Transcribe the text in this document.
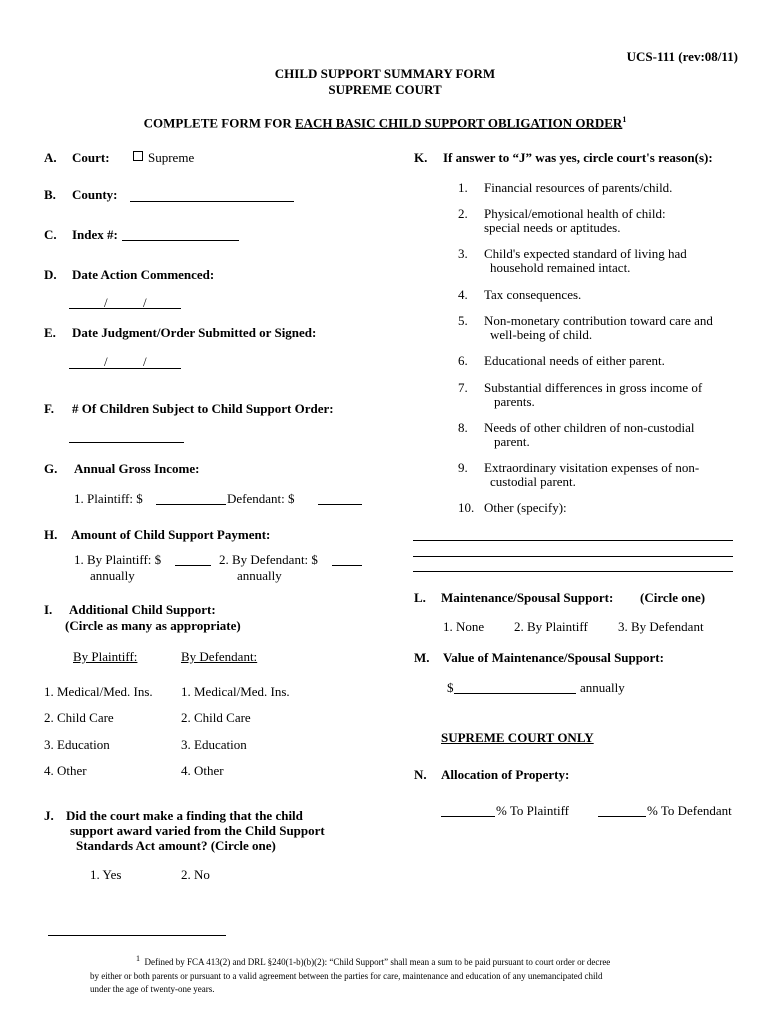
UCS-111 (rev:08/11)
CHILD SUPPORT SUMMARY FORM
SUPREME COURT
COMPLETE FORM FOR EACH BASIC CHILD SUPPORT OBLIGATION ORDER$^1$
A. Court:	Supreme
B. County:
C. Index #:
D. Date Action Commenced:
/	/
E. Date Judgment/Order Submitted or Signed:
/	/
F. # Of Children Subject to Child Support Order:
G. Annual Gross Income:
1. Plaintiff: $	Defendant: $
H. Amount of Child Support Payment:
1. By Plaintiff: $	2. By Defendant: $
annually	annually
I. Additional Child Support:
(Circle as many as appropriate)
By Plaintiff:	By Defendant:
1. Medical/Med. Ins. 1. Medical/Med. Ins.
2. Child Care	2. Child Care
3. Education	3. Education
4. Other	4. Other
J. Did the court make a finding that the child
support award varied from the Child Support
Standards Act amount? (Circle one)
1. Yes	2. No
K. If answer to “J” was yes, circle court's reason(s):
1. Financial resources of parents/child.
2. Physical/emotional health of child:
special needs or aptitudes.
3. Child's expected standard of living had
household remained intact.
4. Tax consequences.
5. Non-monetary contribution toward care and
well-being of child.
6. Educational needs of either parent.
7. Substantial differences in gross income of
parents.
8. Needs of other children of non-custodial
parent.
9. Extraordinary visitation expenses of non-
custodial parent.
10. Other (specify):
L. Maintenance/Spousal Support: (Circle one)
1. None 2. By Plaintiff 3. By Defendant
M. Value of Maintenance/Spousal Support:
$	annually
SUPREME COURT ONLY
N. Allocation of Property:
% To Plaintiff	% To Defendant
$^1$ Defined by FCA 413(2) and DRL §240(1-b)(b)(2): “Child Support” shall mean a sum to be paid pursuant to court order or decree
by either or both parents or pursuant to a valid agreement between the parties for care, maintenance and education of any unemancipated child
under the age of twenty-one years.
